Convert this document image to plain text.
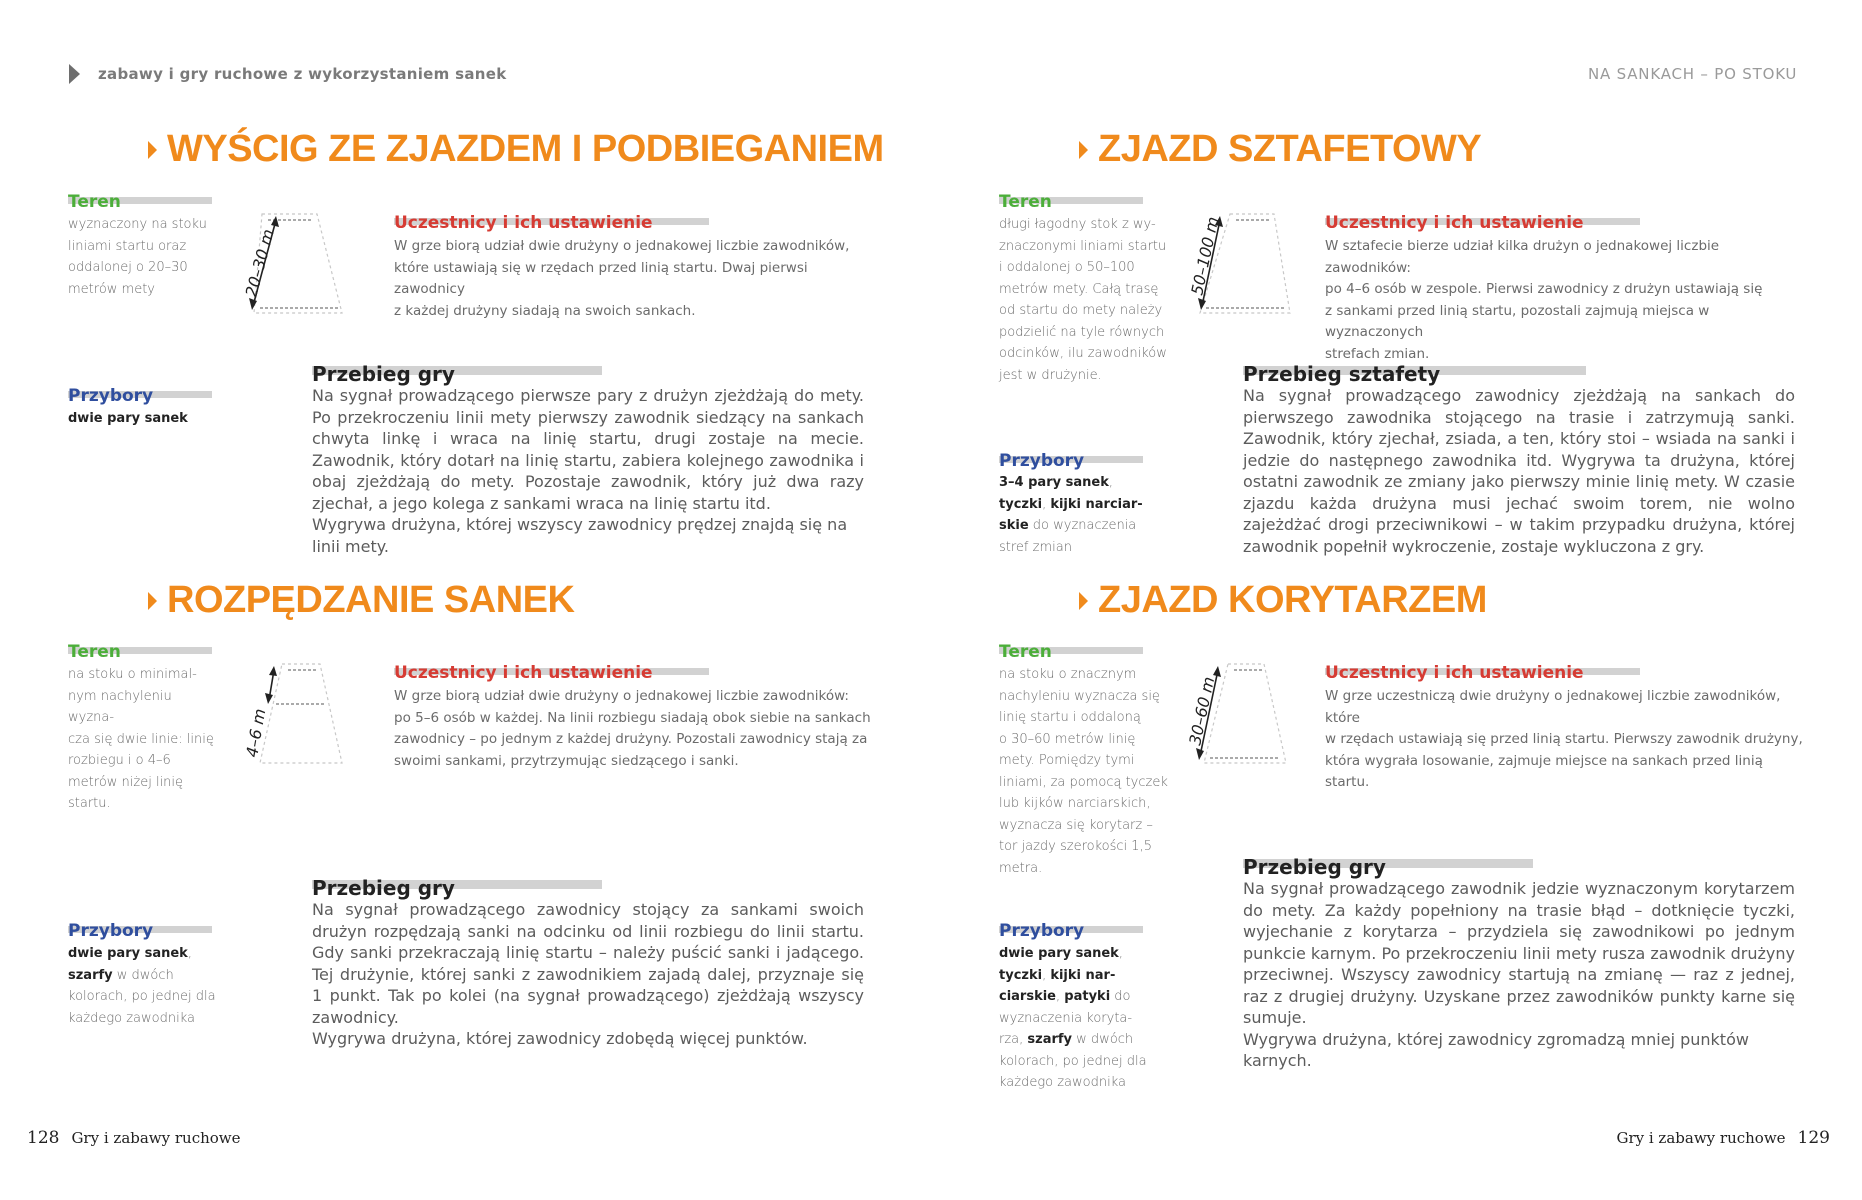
zabawy i gry ruchowe z wykorzystaniem sanek	NA SANKACH – PO STOKU
WYŚCIG ZE ZJAZDEM I PODBIEGANIEM
Teren
wyznaczony na stoku
liniami startu oraz
oddalonej o 20–30
metrów mety	20–30 m
Uczestnicy i ich ustawienie
W grze biorą udział dwie drużyny o jednakowej liczbie zawodników,
które ustawiają się w rzędach przed linią startu. Dwaj pierwsi zawodnicy
z każdej drużyny siadają na swoich sankach.
Przybory
dwie pary sanek
Przebieg gry

Na sygnał prowadzącego pierwsze pary z drużyn zjeżdżają do mety. Po przekroczeniu linii mety pierwszy zawodnik siedzący na sankach chwyta linkę i wraca na linię startu, drugi zostaje na mecie. Zawodnik, który dotarł na linię startu, zabiera kolejnego zawodnika i obaj zjeżdżają do mety. Pozostaje zawodnik, który już dwa razy zjechał, a jego kolega z sankami wraca na linię startu itd.

Wygrywa drużyna, której wszyscy zawodnicy prędzej znajdą się na linii mety.

ZJAZD SZTAFETOWY
Teren
długi łagodny stok z wy-
znaczonymi liniami startu
i oddalonej o 50–100
metrów mety. Całą trasę
od startu do mety należy
podzielić na tyle równych
odcinków, ilu zawodników
jest w drużynie.
50–100 m	Uczestnicy i ich ustawienie
W sztafecie bierze udział kilka drużyn o jednakowej liczbie zawodników:
po 4–6 osób w zespole. Pierwsi zawodnicy z drużyn ustawiają się
z sankami przed linią startu, pozostali zajmują miejsca w wyznaczonych
strefach zmian.
Przybory
3–4 pary sanek,
tyczki, kijki narciar-
skie do wyznaczenia
stref zmian
Przebieg sztafety

Na sygnał prowadzącego zawodnicy zjeżdżają na sankach do pierwszego zawodnika stojącego na trasie i zatrzymują sanki. Zawodnik, który zjechał, zsiada, a ten, który stoi – wsiada na sanki i jedzie do następnego zawodnika itd. Wygrywa ta drużyna, której ostatni zawodnik ze zmiany jako pierwszy minie linię mety. W czasie zjazdu każda drużyna musi jechać swoim torem, nie wolno zajeżdżać drogi przeciwnikowi – w takim przypadku drużyna, której zawodnik popełnił wykroczenie, zostaje wykluczona z gry.

ROZPĘDZANIE SANEK
Teren
na stoku o minimal-
nym nachyleniu wyzna-
cza się dwie linie: linię
rozbiegu i o 4–6
metrów niżej linię
startu.
4–6 m
Uczestnicy i ich ustawienie
W grze biorą udział dwie drużyny o jednakowej liczbie zawodników:
po 5–6 osób w każdej. Na linii rozbiegu siadają obok siebie na sankach
zawodnicy – po jednym z każdej drużyny. Pozostali zawodnicy stają za
swoimi sankami, przytrzymując siedzącego i sanki.
Przybory
dwie pary sanek,
szarfy w dwóch
kolorach, po jednej dla
każdego zawodnika
Przebieg gry

Na sygnał prowadzącego zawodnicy stojący za sankami swoich drużyn rozpędzają sanki na odcinku od linii rozbiegu do linii startu. Gdy sanki przekraczają linię startu – należy puścić sanki i jadącego. Tej drużynie, której sanki z zawodnikiem zajadą dalej, przyznaje się 1 punkt. Tak po kolei (na sygnał prowadzącego) zjeżdżają wszyscy zawodnicy.

Wygrywa drużyna, której zawodnicy zdobędą więcej punktów.

ZJAZD KORYTARZEM
Teren
na stoku o znacznym
nachyleniu wyznacza się
linię startu i oddaloną
o 30–60 metrów linię
mety. Pomiędzy tymi
liniami, za pomocą tyczek
lub kijków narciarskich,
wyznacza się korytarz –
tor jazdy szerokości 1,5
metra.
30–60 m
Uczestnicy i ich ustawienie
W grze uczestniczą dwie drużyny o jednakowej liczbie zawodników, które
w rzędach ustawiają się przed linią startu. Pierwszy zawodnik drużyny,
która wygrała losowanie, zajmuje miejsce na sankach przed linią startu.
Przybory
dwie pary sanek,
tyczki, kijki nar-
ciarskie, patyki do
wyznaczenia koryta-
rza, szarfy w dwóch
kolorach, po jednej dla
każdego zawodnika
Przebieg gry

Na sygnał prowadzącego zawodnik jedzie wyznaczonym korytarzem do mety. Za każdy popełniony na trasie błąd – dotknięcie tyczki, wyjechanie z korytarza – przydziela się zawodnikowi po jednym punkcie karnym. Po przekroczeniu linii mety rusza zawodnik drużyny przeciwnej. Wszyscy zawodnicy startują na zmianę — raz z jednej, raz z drugiej drużyny. Uzyskane przez zawodników punkty karne się sumuje.

Wygrywa drużyna, której zawodnicy zgromadzą mniej punktów karnych.

128 Gry i zabawy ruchowe	Gry i zabawy ruchowe 129
